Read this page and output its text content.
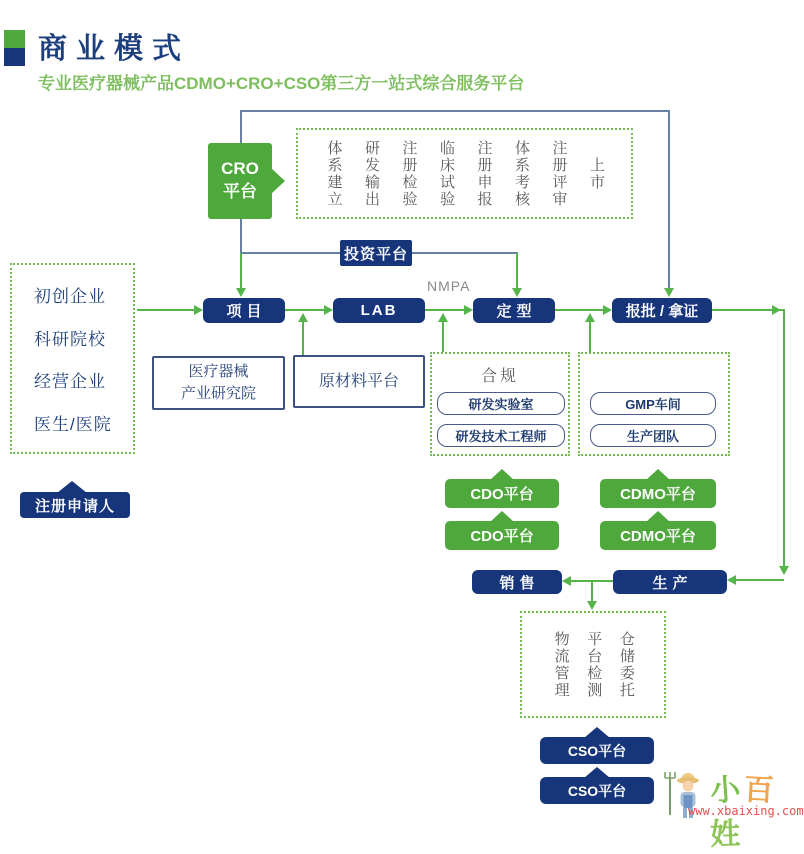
商业模式
专业医疗器械产品CDMO+CRO+CSO第三方一站式综合服务平台
CRO
平台	体系建立 研发输出 注册检验 临床试验 注册申报 体系考核 注册评审 上市
投资平台
NMPA
初创企业
科研院校
经营企业
医生/医院
注册申请人
项目	LAB	定型	报批 / 拿证
医疗器械
产业研究院
原材料平台	合规
研发实验室
研发技术工程师
GMP车间
生产团队
CDO平台
CDO平台
CDMO平台
CDMO平台
销售	生产
物流管理 平台检测 仓储委托
CSO平台
CSO平台	小百姓
www.xbaixing.com
